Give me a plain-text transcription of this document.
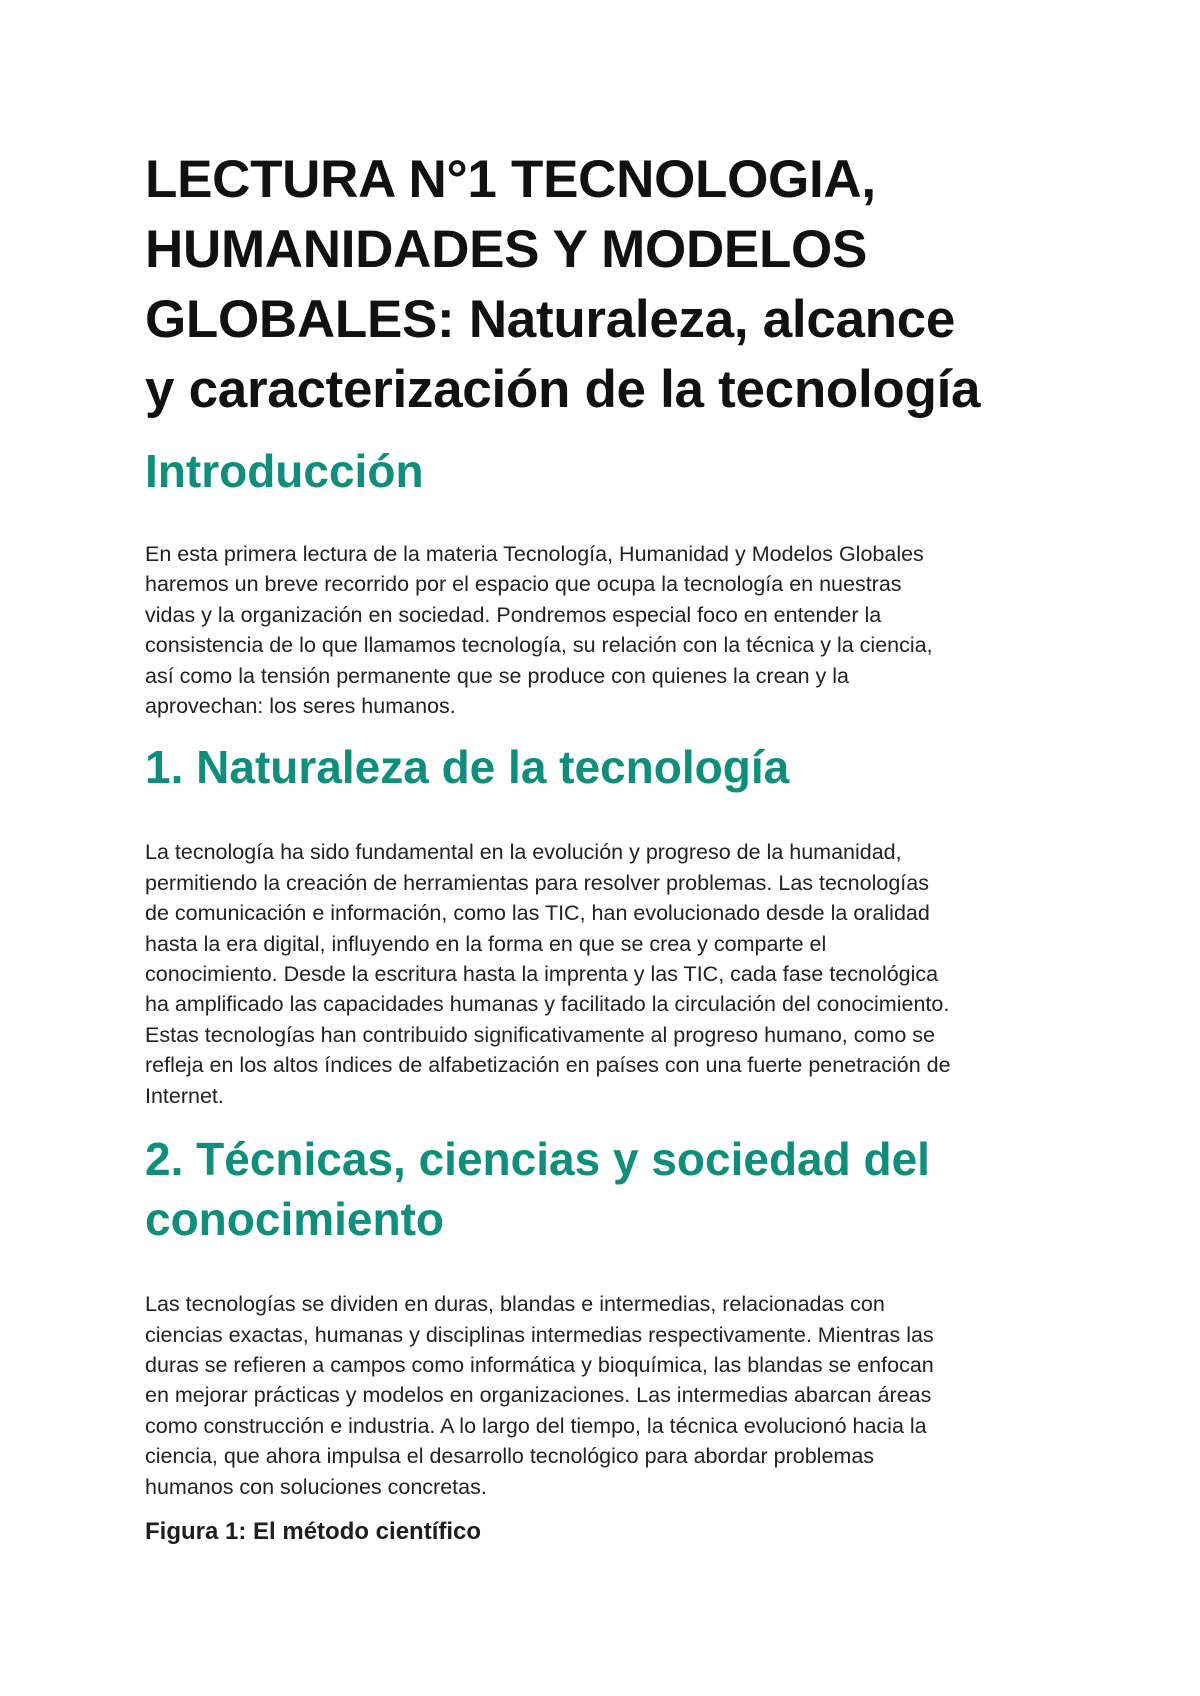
LECTURA N°1 TECNOLOGIA,
HUMANIDADES Y MODELOS
GLOBALES: Naturaleza, alcance
y caracterización de la tecnología
Introducción
En esta primera lectura de la materia Tecnología, Humanidad y Modelos Globales
haremos un breve recorrido por el espacio que ocupa la tecnología en nuestras
vidas y la organización en sociedad. Pondremos especial foco en entender la
consistencia de lo que llamamos tecnología, su relación con la técnica y la ciencia,
así como la tensión permanente que se produce con quienes la crean y la
aprovechan: los seres humanos.
1. Naturaleza de la tecnología
La tecnología ha sido fundamental en la evolución y progreso de la humanidad,
permitiendo la creación de herramientas para resolver problemas. Las tecnologías
de comunicación e información, como las TIC, han evolucionado desde la oralidad
hasta la era digital, influyendo en la forma en que se crea y comparte el
conocimiento. Desde la escritura hasta la imprenta y las TIC, cada fase tecnológica
ha amplificado las capacidades humanas y facilitado la circulación del conocimiento.
Estas tecnologías han contribuido significativamente al progreso humano, como se
refleja en los altos índices de alfabetización en países con una fuerte penetración de
Internet.
2. Técnicas, ciencias y sociedad del
conocimiento
Las tecnologías se dividen en duras, blandas e intermedias, relacionadas con
ciencias exactas, humanas y disciplinas intermedias respectivamente. Mientras las
duras se refieren a campos como informática y bioquímica, las blandas se enfocan
en mejorar prácticas y modelos en organizaciones. Las intermedias abarcan áreas
como construcción e industria. A lo largo del tiempo, la técnica evolucionó hacia la
ciencia, que ahora impulsa el desarrollo tecnológico para abordar problemas
humanos con soluciones concretas.
Figura 1: El método científico
